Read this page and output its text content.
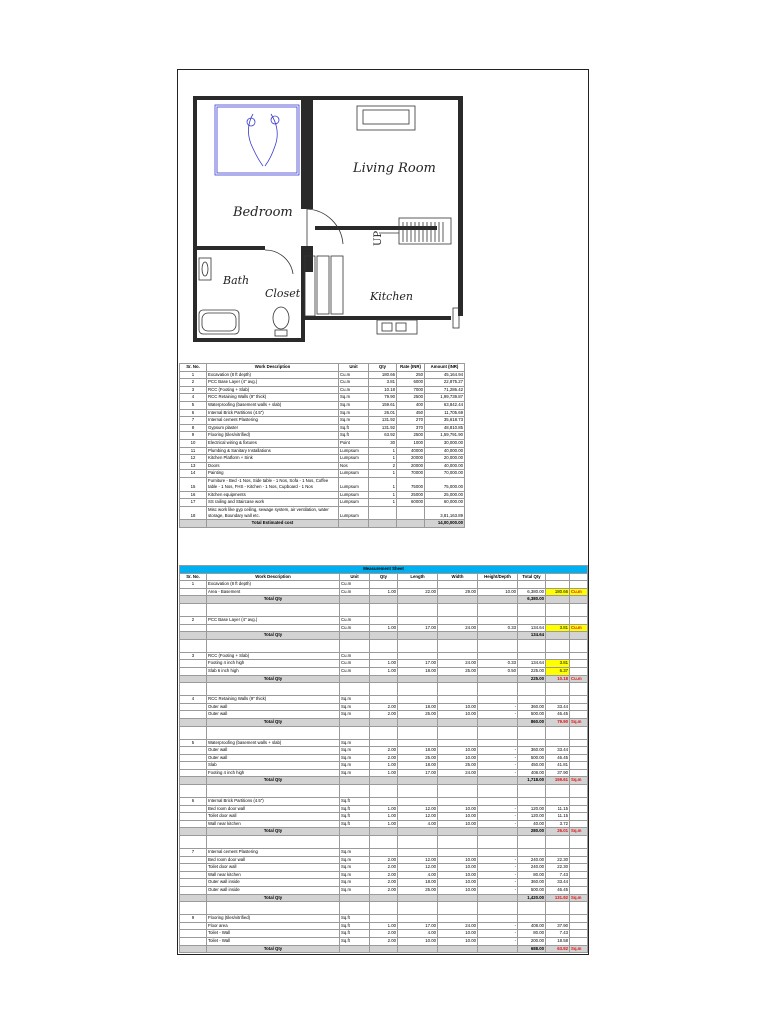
Bedroom
Living Room
Bath
Closet	Kitchen
UP
Sr. No.	Work Description	Unit	Qty	Rate (INR)	Amount (INR)
1	Excavation (8 ft depth)	Cu.m	180.66	250	45,164.94
2	PCC Base Layer (4" avg.)	Cu.m	3.81	6000	22,875.27
3	RCC (Footing + Slab)	Cu.m	10.18	7000	71,286.42
4	RCC Retaining Walls (9" thick)	Sq.m	79.90	2500	1,99,739.87
5	Waterproofing (basement walls + slab)	Sq.m	159.61	400	63,842.44
6	Internal Brick Partitions (4.5")	Sq.m	26.01	450	11,705.69
7	Internal cement Plastering	Sq.m	131.92	270	35,618.73
8	Gypsum plaster	Sq.ft	131.92	370	48,810.85
9	Flooring (tiles/vitrified)	Sq.ft	63.92	2500	1,59,791.90
10	Electrical wiring & fixtures	Point	30	1000	30,000.00
11	Plumbing & Sanitary Installations	Lumpsum	1	40000	40,000.00
12	Kitchen Platform + Sink	Lumpsum	1	20000	20,000.00
13	Doors	Nos	2	20000	40,000.00
14	Painting	Lumpsum	1	70000	70,000.00
15	Furniture - Bed -1 Nos, Side table - 1 Nos, Sofa - 1 Nos, Coffee table - 1 Nos, FHS - Kitchen - 1 Nos, Cupboard - 1 Nos	Lumpsum	1	75000	75,000.00
16	Kitchen equipments	Lumpsum	1	25000	25,000.00
17	SS railing and Staircase work	Lumpsum	1	60000	60,000.00
18	Misc work like gyp ceiling, sewage system, air ventilation, water storage, Boundary wall etc.	Lumpsum			3,81,163.89
	Total Estimated cost				14,00,000.00
Measurement Sheet									
Sr. No.	Work Description	Unit	Qty	Length	Width	Height/Depth	Total Qty		
1	Excavation (8 ft depth)	Cu.m							
	Area - Basement	Cu.m	1.00	22.00	29.00	10.00	6,380.00	180.66	Cu.m
	Total Qty						6,380.00		

2	PCC Base Layer (4" avg.)	Cu.m							
		Cu.m	1.00	17.00	24.00	0.33	134.64	3.81	Cu.m
	Total Qty						134.64		

3	RCC (Footing + Slab)	Cu.m							
	Footing 4 inch high	Cu.m	1.00	17.00	24.00	0.33	134.64	3.81	
	Slab 6 inch high	Cu.m	1.00	18.00	25.00	0.50	225.00	6.37	
	Total Qty						225.00	10.18	Cu.m

4	RCC Retaining Walls (9" thick)	Sq.m							
	Outer wall	Sq.m	2.00	18.00	10.00	-	360.00	33.44	
	Outer wall	Sq.m	2.00	25.00	10.00	-	500.00	46.45	
	Total Qty						860.00	79.90	Sq.m

5	Waterproofing (basement walls + slab)	Sq.m							
	Outer wall	Sq.m	2.00	18.00	10.00	-	360.00	33.44	
	Outer wall	Sq.m	2.00	25.00	10.00	-	500.00	46.45	
	Slab	Sq.m	1.00	18.00	25.00	-	450.00	41.81	
	Footing 4 inch high	Sq.m	1.00	17.00	24.00	-	408.00	37.90	
	Total Qty						1,718.00	159.61	Sq.m

6	Internal Brick Partitions (4.5")	Sq.ft							
	Bed room door wall	Sq.ft	1.00	12.00	10.00	-	120.00	11.15	
	Toilet door wall	Sq.ft	1.00	12.00	10.00	-	120.00	11.15	
	Wall near kitchen	Sq.ft	1.00	4.00	10.00	-	40.00	3.72	
	Total Qty						280.00	26.01	Sq.m

7	Internal cement Plastering	Sq.m							
	Bed room door wall	Sq.m	2.00	12.00	10.00	-	240.00	22.30	
	Toilet door wall	Sq.m	2.00	12.00	10.00	-	240.00	22.30	
	Wall near kitchen	Sq.m	2.00	4.00	10.00	-	80.00	7.43	
	Outer wall inside	Sq.m	2.00	18.00	10.00	-	360.00	33.44	
	Outer wall inside	Sq.m	2.00	25.00	10.00	-	500.00	46.45	
	Total Qty						1,420.00	131.92	Sq.m

9	Flooring (tiles/vitrified)	Sq.ft							
	Floor area	Sq.ft	1.00	17.00	24.00	-	408.00	37.90	
	Toilet - Wall	Sq.ft	2.00	4.00	10.00	-	80.00	7.43	
	Toilet - Wall	Sq.ft	2.00	10.00	10.00	-	200.00	18.58	
	Total Qty						688.00	63.92	Sq.m
